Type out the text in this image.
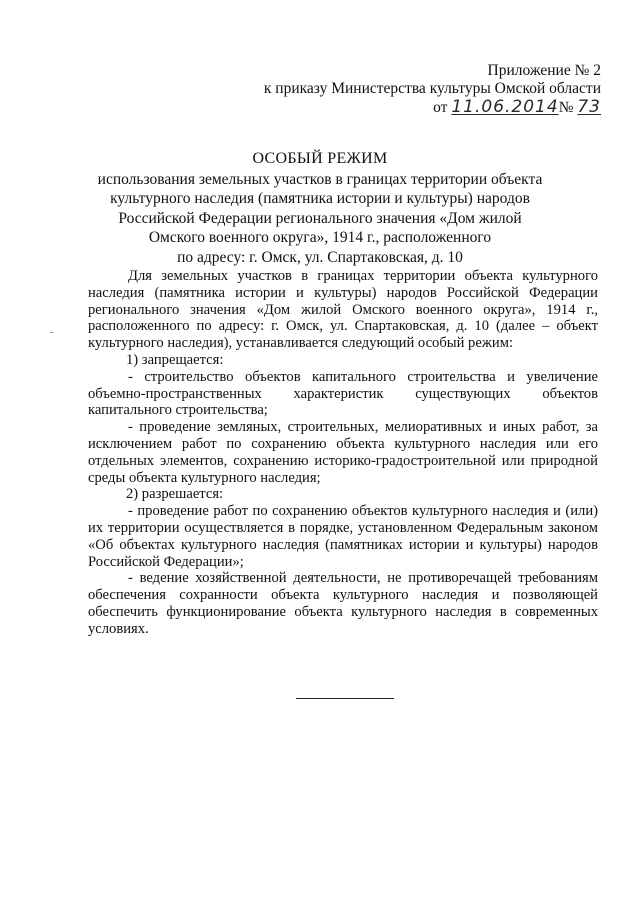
Приложение № 2
к приказу Министерства культуры Омской области
от 11.06.2014№ 73
ОСОБЫЙ РЕЖИМ
использования земельных участков в границах территории объекта
культурного наследия (памятника истории и культуры) народов
Российской Федерации регионального значения «Дом жилой
Омского военного округа», 1914 г., расположенного
по адресу: г. Омск, ул. Спартаковская, д. 10

Для земельных участков в границах территории объекта культурного наследия (памятника истории и культуры) народов Российской Федерации регионального значения «Дом жилой Омского военного округа», 1914 г., расположенного по адресу: г. Омск, ул. Спартаковская, д. 10 (далее – объект культурного наследия), устанавливается следующий особый режим:

1) запрещается:

- строительство объектов капитального строительства и увеличение объемно-пространственных характеристик существующих объектов капитального строительства;

- проведение земляных, строительных, мелиоративных и иных работ, за исключением работ по сохранению объекта культурного наследия или его отдельных элементов, сохранению историко-градостроительной или природной среды объекта культурного наследия;

2) разрешается:

- проведение работ по сохранению объектов культурного наследия и (или) их территории осуществляется в порядке, установленном Федеральным законом «Об объектах культурного наследия (памятниках истории и культуры) народов Российской Федерации»;

- ведение хозяйственной деятельности, не противоречащей требованиям обеспечения сохранности объекта культурного наследия и позволяющей обеспечить функционирование объекта культурного наследия в современных условиях.
